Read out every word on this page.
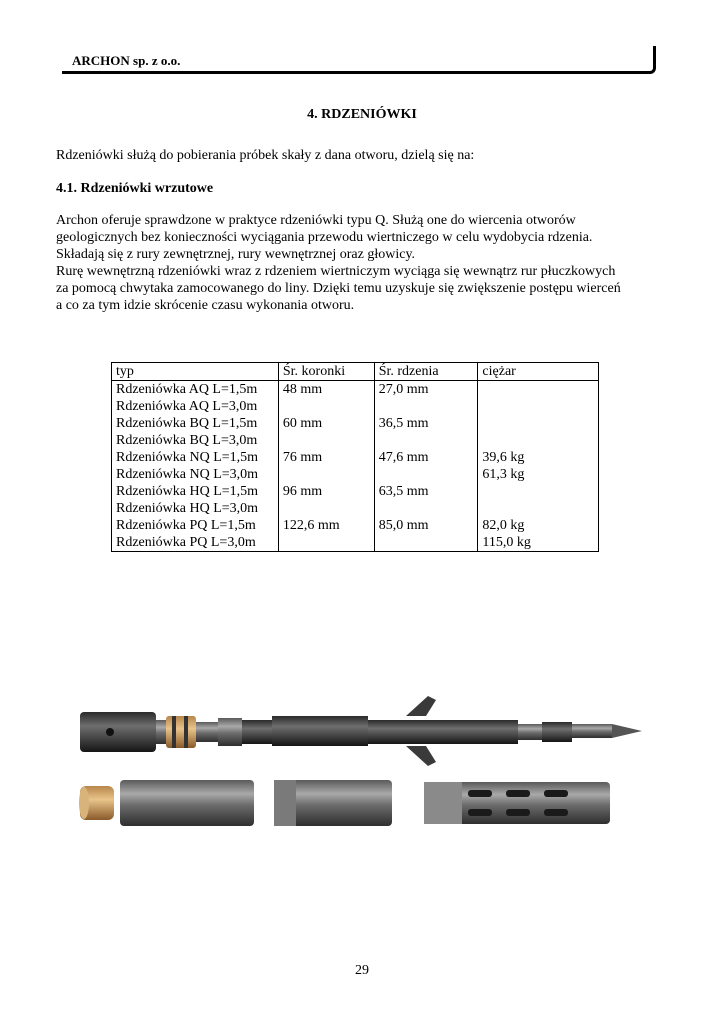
ARCHON sp. z o.o.
4. RDZENIÓWKI
Rdzeniówki służą do pobierania próbek skały z dana otworu, dzielą się na:
4.1. Rdzeniówki wrzutowe
Archon oferuje sprawdzone w praktyce rdzeniówki typu Q. Służą one do wiercenia otworów
geologicznych bez konieczności wyciągania przewodu wiertniczego w celu wydobycia rdzenia.
Składają się z rury zewnętrznej, rury wewnętrznej oraz głowicy.
Rurę wewnętrzną rdzeniówki wraz z rdzeniem wiertniczym wyciąga się wewnątrz rur płuczkowych
za pomocą chwytaka zamocowanego do liny. Dzięki temu uzyskuje się zwiększenie postępu wierceń
a co za tym idzie skrócenie czasu wykonania otworu.
typ	Śr. koronki	Śr. rdzenia	ciężar
Rdzeniówka AQ L=1,5m	48 mm	27,0 mm	
Rdzeniówka AQ L=3,0m			
Rdzeniówka BQ L=1,5m	60 mm	36,5 mm	
Rdzeniówka BQ L=3,0m			
Rdzeniówka NQ L=1,5m	76 mm	47,6 mm	39,6 kg
Rdzeniówka NQ L=3,0m			61,3 kg
Rdzeniówka HQ L=1,5m	96 mm	63,5 mm	
Rdzeniówka HQ L=3,0m			
Rdzeniówka PQ L=1,5m	122,6 mm	85,0 mm	82,0 kg
Rdzeniówka PQ L=3,0m			115,0 kg
29
